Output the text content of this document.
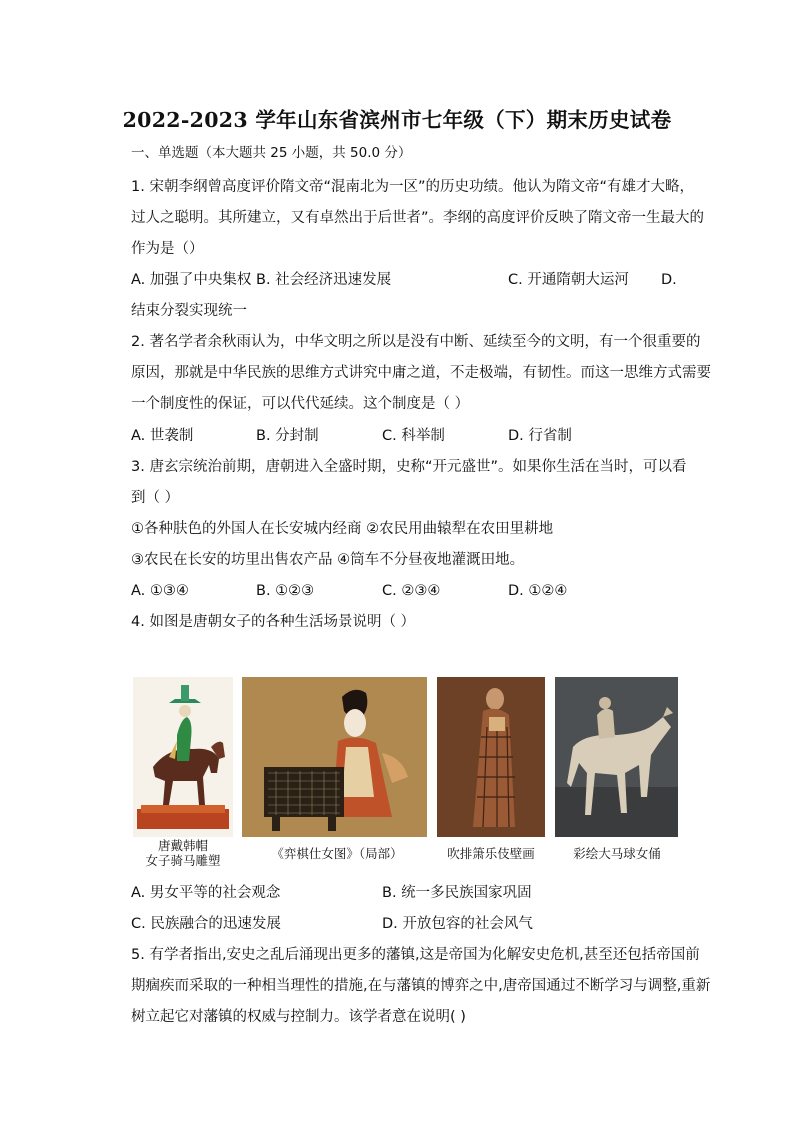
2022-2023 学年山东省滨州市七年级（下）期末历史试卷
一、单选题（本大题共 25 小题，共 50.0 分）
1. 宋朝李纲曾高度评价隋文帝“混南北为一区”的历史功绩。他认为隋文帝“有雄才大略，
过人之聪明。其所建立，又有卓然出于后世者”。李纲的高度评价反映了隋文帝一生最大的
作为是（）
A. 加强了中央集权 B. 社会经济迅速发展	C. 开通隋朝大运河 D.
结束分裂实现统一
2. 著名学者余秋雨认为，中华文明之所以是没有中断、延续至今的文明，有一个很重要的
原因，那就是中华民族的思维方式讲究中庸之道，不走极端，有韧性。而这一思维方式需要
一个制度性的保证，可以代代延续。这个制度是（ ）
A. 世袭制	B. 分封制	C. 科举制	D. 行省制
3. 唐玄宗统治前期，唐朝进入全盛时期，史称“开元盛世”。如果你生活在当时，可以看
到（ ）
①各种肤色的外国人在长安城内经商 ②农民用曲辕犁在农田里耕地
③农民在长安的坊里出售农产品 ④筒车不分昼夜地灌溉田地。
A. ①③④	B. ①②③	C. ②③④	D. ①②④
4. 如图是唐朝女子的各种生活场景说明（ ）
唐戴韩帽
女子骑马雕塑	《弈棋仕女图》（局部）	吹排箫乐伎壁画	彩绘大马球女俑
A. 男女平等的社会观念	B. 统一多民族国家巩固
C. 民族融合的迅速发展	D. 开放包容的社会风气
5. 有学者指出,安史之乱后涌现出更多的藩镇,这是帝国为化解安史危机,甚至还包括帝国前
期痼疾而采取的一种相当理性的措施,在与藩镇的博弈之中,唐帝国通过不断学习与调整,重新
树立起它对藩镇的权威与控制力。该学者意在说明( )
